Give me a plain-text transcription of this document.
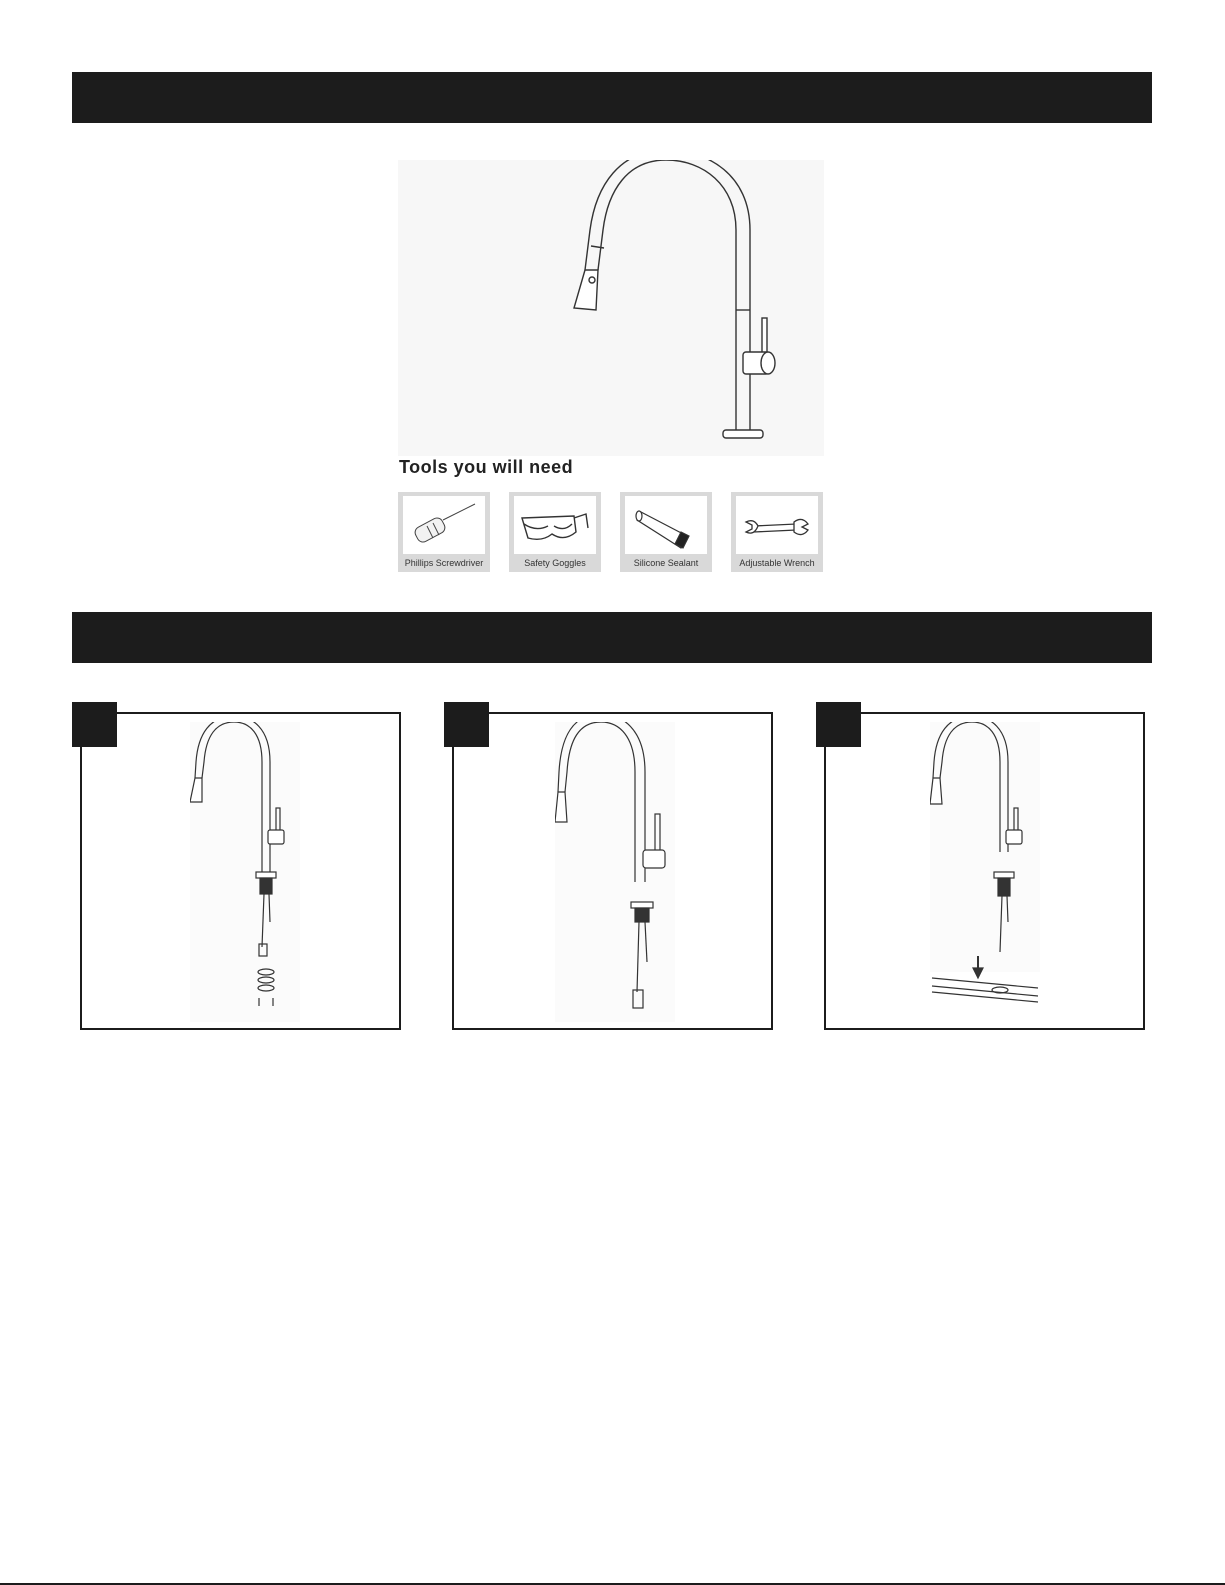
Tools you will need
Phillips Screwdriver	Safety Goggles	Silicone Sealant	Adjustable Wrench
